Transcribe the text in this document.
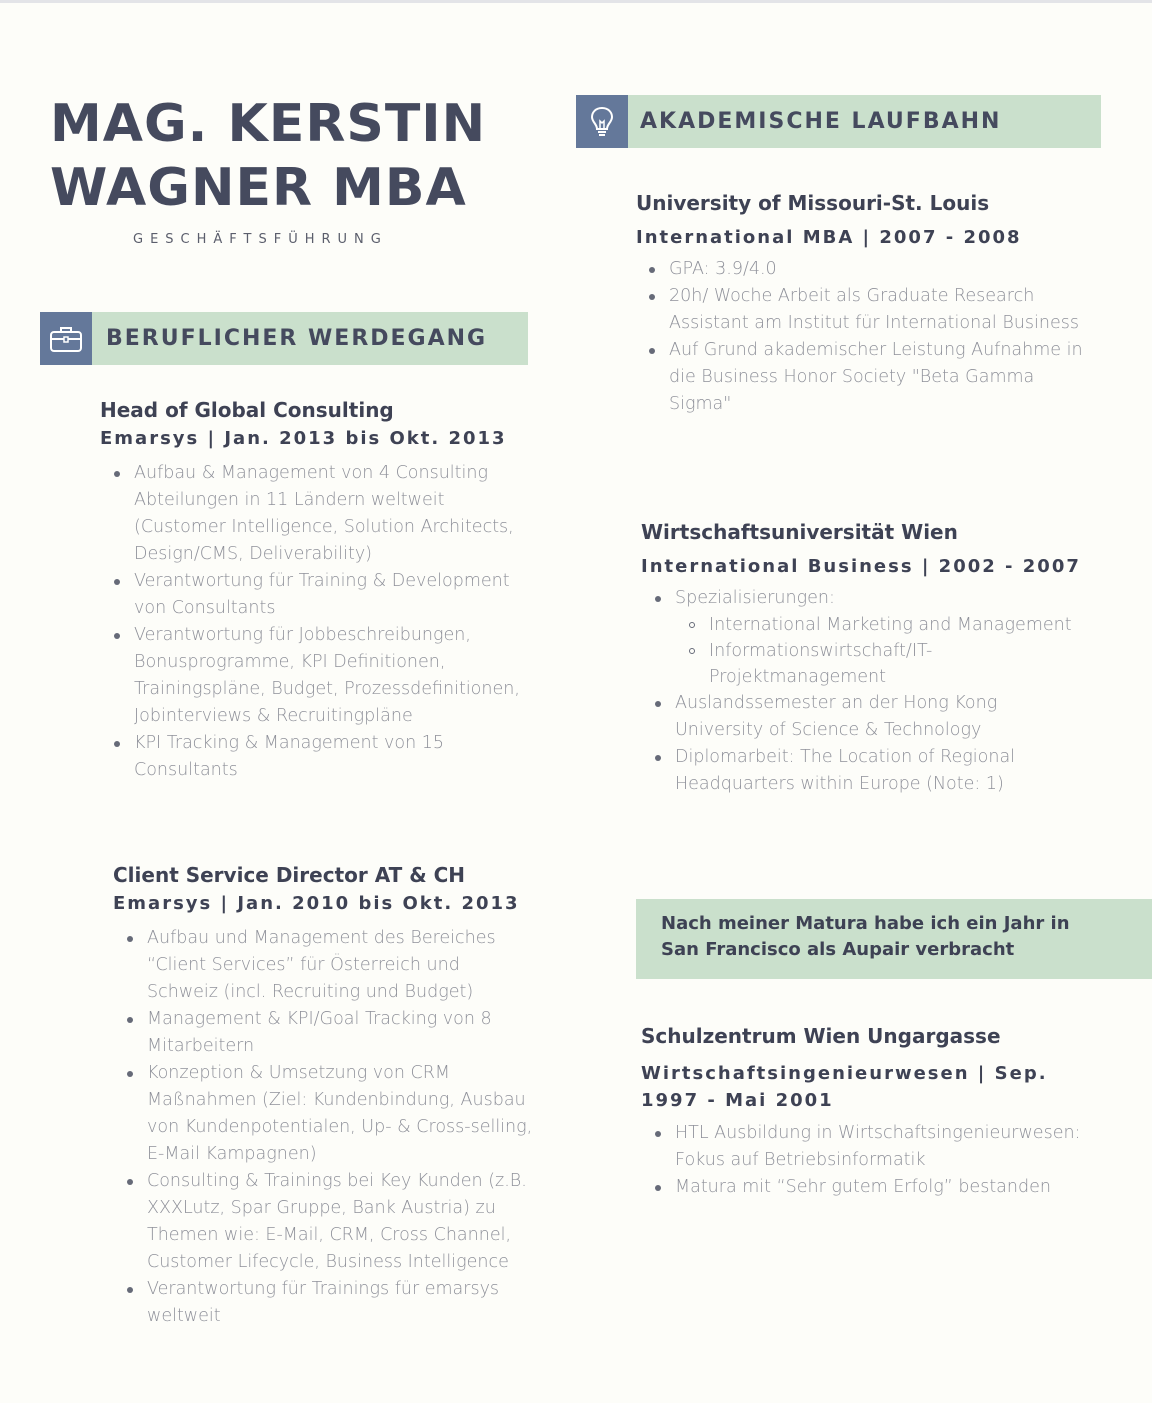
MAG. KERSTIN
WAGNER MBA
GESCHÄFTSFÜHRUNG
BERUFLICHER WERDEGANG
Head of Global Consulting
Emarsys | Jan. 2013 bis Okt. 2013
Aufbau & Management von 4 Consulting Abteilungen in 11 Ländern weltweit (Customer Intelligence, Solution Architects, Design/CMS, Deliverability)
Verantwortung für Training & Development von Consultants
Verantwortung für Jobbeschreibungen, Bonusprogramme, KPI Definitionen, Trainingspläne, Budget, Prozessdefinitionen, Jobinterviews & Recruitingpläne
KPI Tracking & Management von 15 Consultants
Client Service Director AT & CH
Emarsys | Jan. 2010 bis Okt. 2013
Aufbau und Management des Bereiches “Client Services” für Österreich und Schweiz (incl. Recruiting und Budget)
Management & KPI/Goal Tracking von 8 Mitarbeitern
Konzeption & Umsetzung von CRM Maßnahmen (Ziel: Kundenbindung, Ausbau von Kundenpotentialen, Up- & Cross-selling, E-Mail Kampagnen)
Consulting & Trainings bei Key Kunden (z.B. XXXLutz, Spar Gruppe, Bank Austria) zu Themen wie: E-Mail, CRM, Cross Channel, Customer Lifecycle, Business Intelligence
Verantwortung für Trainings für emarsys weltweit
AKADEMISCHE LAUFBAHN
University of Missouri-St. Louis
International MBA | 2007 - 2008
GPA: 3.9/4.0
20h/ Woche Arbeit als Graduate Research Assistant am Institut für International Business
Auf Grund akademischer Leistung Aufnahme in die Business Honor Society "Beta Gamma Sigma"
Wirtschaftsuniversität Wien
International Business | 2002 - 2007
Spezialisierungen:
International Marketing and Management
Informationswirtschaft/IT-Projektmanagement
Auslandssemester an der Hong Kong University of Science & Technology
Diplomarbeit: The Location of Regional Headquarters within Europe (Note: 1)
Nach meiner Matura habe ich ein Jahr in San Francisco als Aupair verbracht
Schulzentrum Wien Ungargasse
Wirtschaftsingenieurwesen | Sep. 1997 - Mai 2001
HTL Ausbildung in Wirtschaftsingenieurwesen: Fokus auf Betriebsinformatik
Matura mit “Sehr gutem Erfolg” bestanden
